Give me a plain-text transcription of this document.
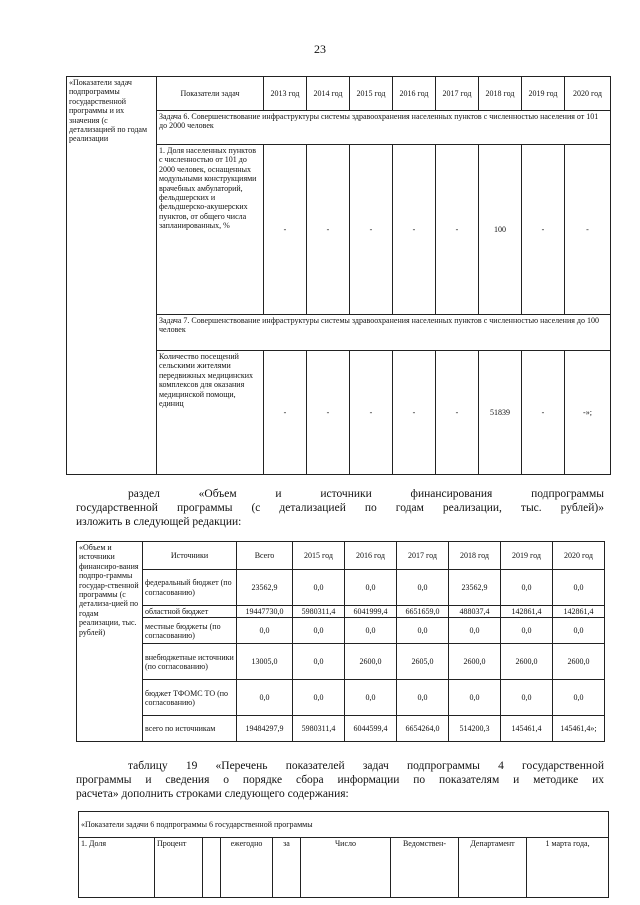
23
«Показатели задач подпрограммы государственной программы и их значения (с детализацией по годам реализации	Показатели задач	2013 год	2014 год	2015 год	2016 год	2017 год	2018 год	2019 год	2020 год
	Задача 6. Совершенствование инфраструктуры системы здравоохранения населенных пунктов с численностью населения от 101 до 2000 человек								
	1. Доля населенных пунктов с численностью от 101 до 2000 человек, оснащенных модульными конструкциями врачебных амбулаторий, фельдшерских и фельдшерско-акушерских пунктов, от общего числа запланированных, %	-	-	-	-	-	100	-	-
	Задача 7. Совершенствование инфраструктуры системы здравоохранения населенных пунктов с численностью населения до 100 человек								
	Количество посещений сельскими жителями передвижных медицинских комплексов для оказания медицинской помощи, единиц	-	-	-	-	-	51839	-	-»;
раздел «Объем и источники финансирования подпрограммы
государственной программы (с детализацией по годам реализации, тыс. рублей)»
изложить в следующей редакции:
«Объем и источники финансиро-вания подпро-граммы государ-ственной программы (с детализа-цией по годам реализации, тыс. рублей)	Источники	Всего	2015 год	2016 год	2017 год	2018 год	2019 год	2020 год
	федеральный бюджет (по согласованию)	23562,9	0,0	0,0	0,0	23562,9	0,0	0,0
	областной бюджет	19447730,0	5980311,4	6041999,4	6651659,0	488037,4	142861,4	142861,4
	местные бюджеты (по согласованию)	0,0	0,0	0,0	0,0	0,0	0,0	0,0
	внебюджетные источники (по согласованию)	13005,0	0,0	2600,0	2605,0	2600,0	2600,0	2600,0
	бюджет ТФОМС ТО (по согласованию)	0,0	0,0	0,0	0,0	0,0	0,0	0,0
	всего по источникам	19484297,9	5980311,4	6044599,4	6654264,0	514200,3	145461,4	145461,4»;
таблицу 19 «Перечень показателей задач подпрограммы 4 государственной
программы и сведения о порядке сбора информации по показателям и методике их
расчета» дополнить строками следующего содержания:
«Показатели задачи 6 подпрограммы 6 государственной программы
1. Доля	Процент		ежегодно	за	Число	Ведомствен-	Департамент	1 марта года,
